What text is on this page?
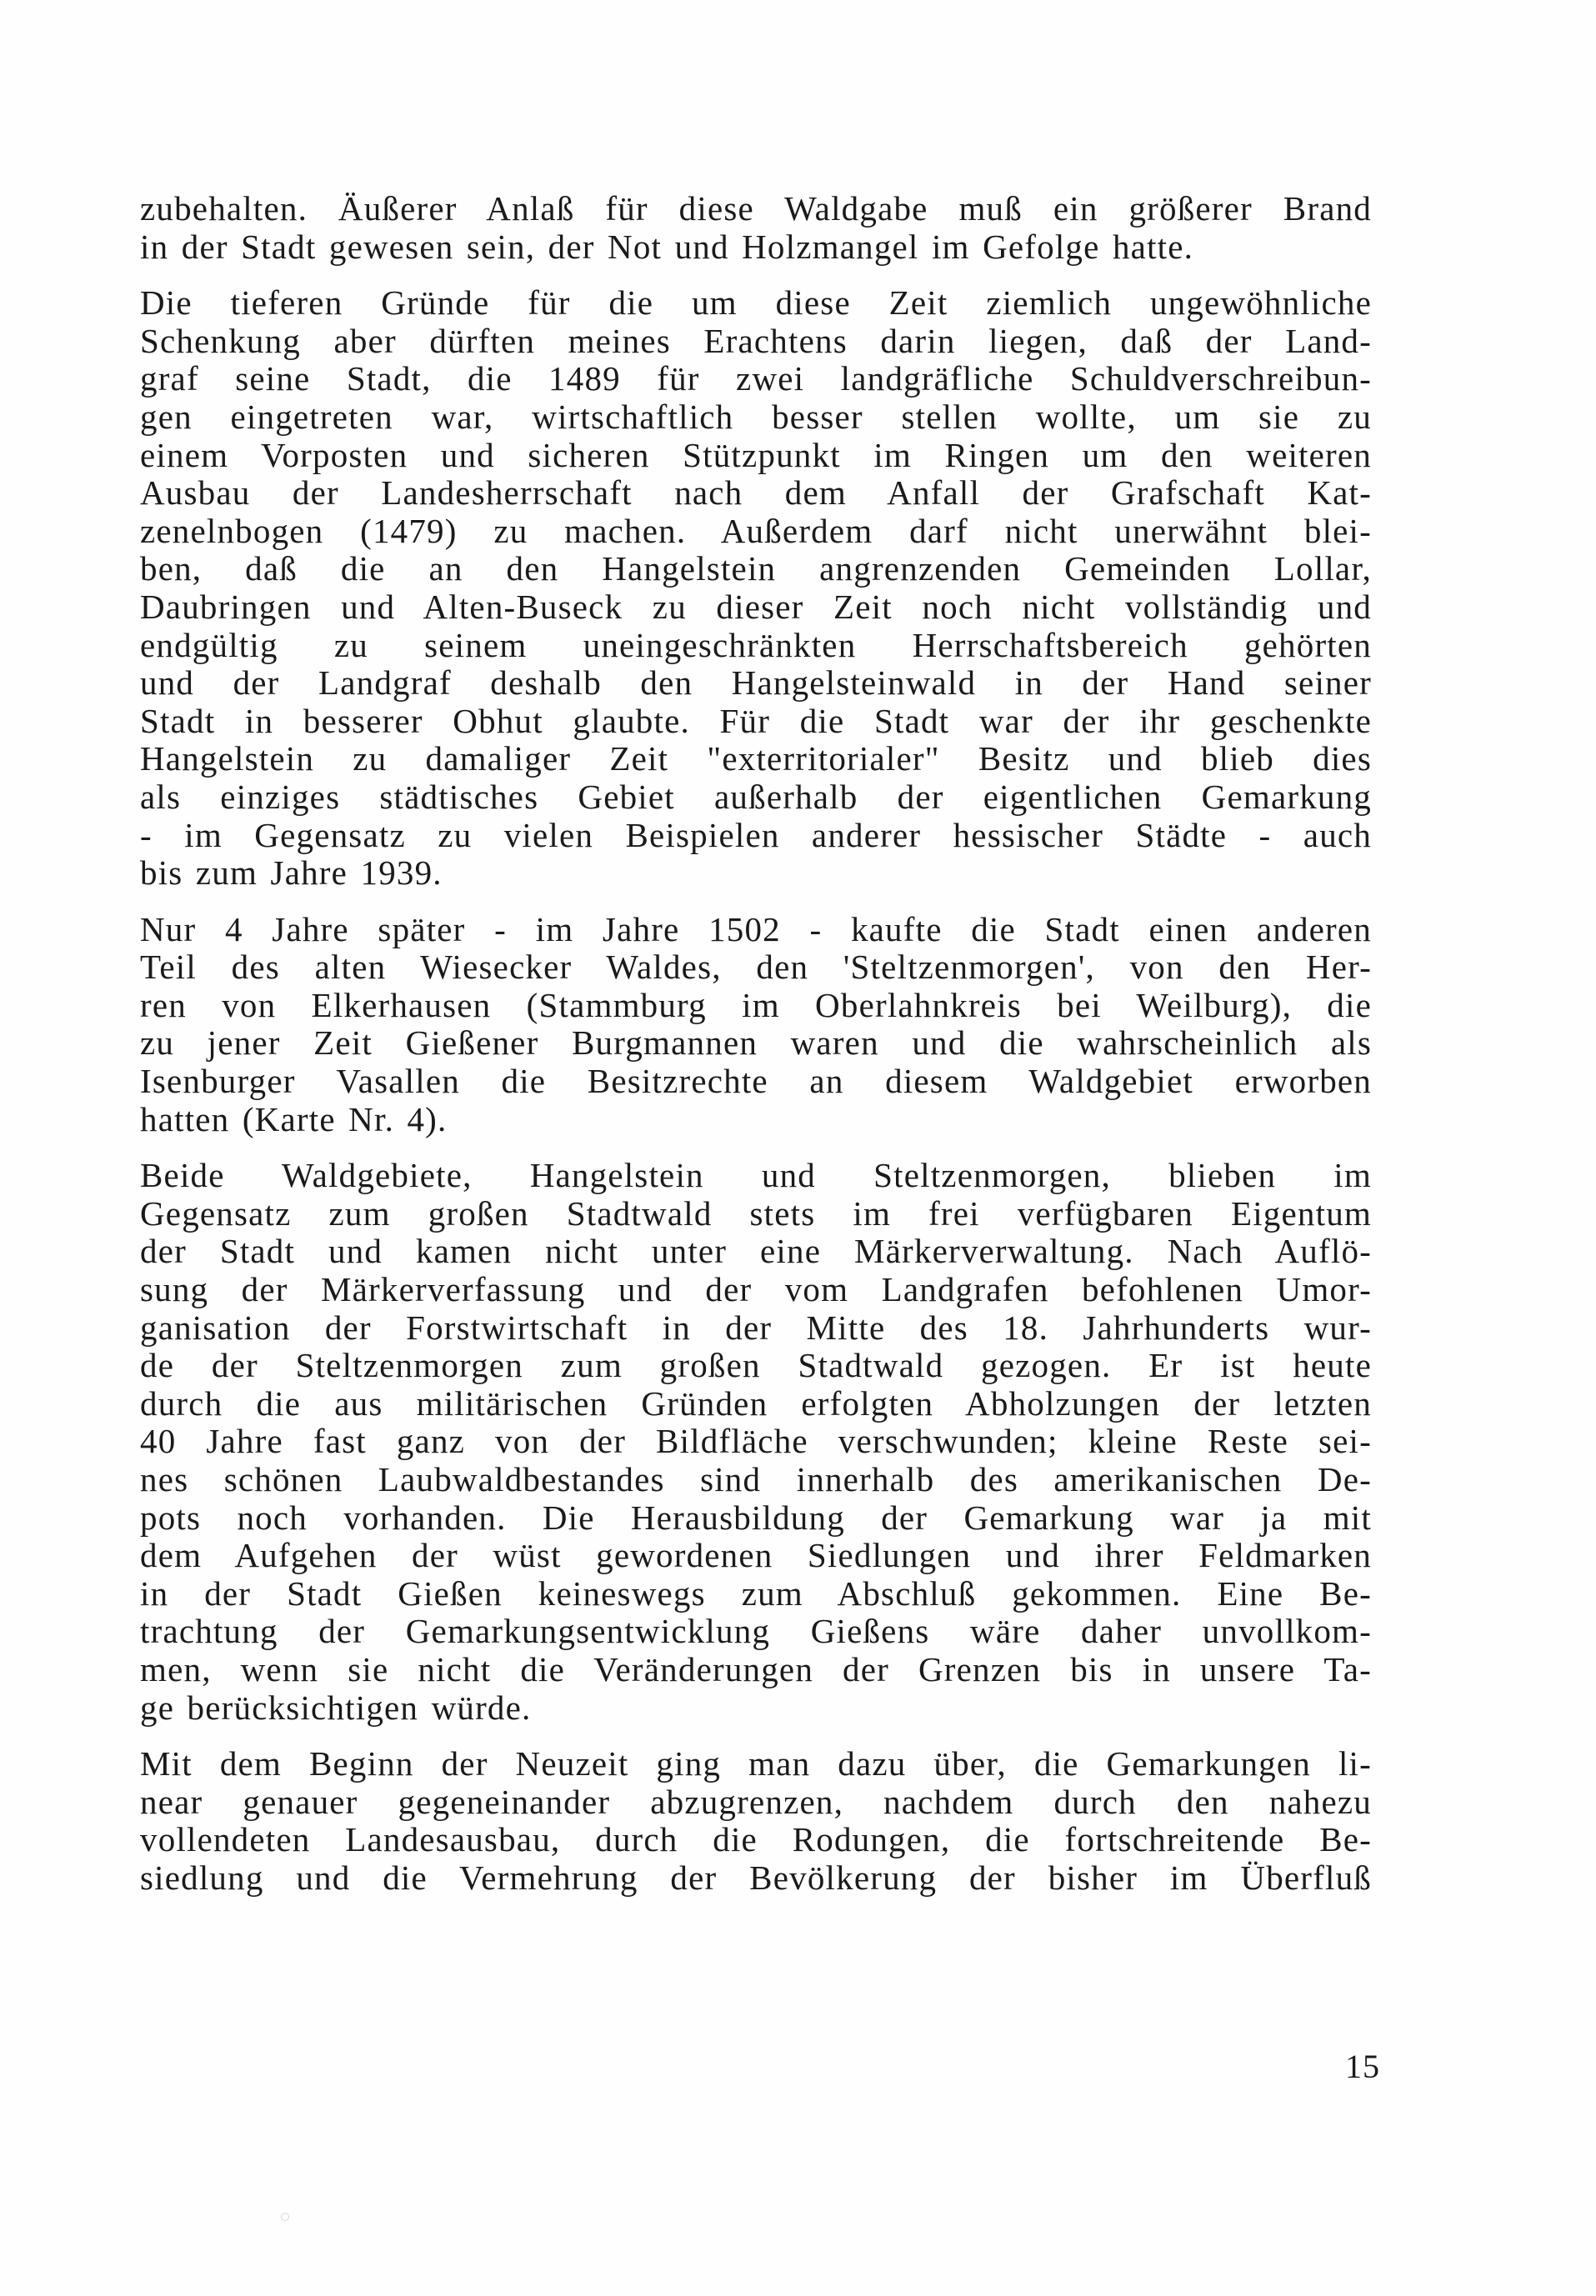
zubehalten. Äußerer Anlaß für diese Waldgabe muß ein größerer Brand
in der Stadt gewesen sein, der Not und Holzmangel im Gefolge hatte.
Die tieferen Gründe für die um diese Zeit ziemlich ungewöhnliche
Schenkung aber dürften meines Erachtens darin liegen, daß der Land-
graf seine Stadt, die 1489 für zwei landgräfliche Schuldverschreibun-
gen eingetreten war, wirtschaftlich besser stellen wollte, um sie zu
einem Vorposten und sicheren Stützpunkt im Ringen um den weiteren
Ausbau der Landesherrschaft nach dem Anfall der Grafschaft Kat-
zenelnbogen (1479) zu machen. Außerdem darf nicht unerwähnt blei-
ben, daß die an den Hangelstein angrenzenden Gemeinden Lollar,
Daubringen und Alten-Buseck zu dieser Zeit noch nicht vollständig und
endgültig zu seinem uneingeschränkten Herrschaftsbereich gehörten
und der Landgraf deshalb den Hangelsteinwald in der Hand seiner
Stadt in besserer Obhut glaubte. Für die Stadt war der ihr geschenkte
Hangelstein zu damaliger Zeit "exterritorialer" Besitz und blieb dies
als einziges städtisches Gebiet außerhalb der eigentlichen Gemarkung
- im Gegensatz zu vielen Beispielen anderer hessischer Städte - auch
bis zum Jahre 1939.
Nur 4 Jahre später - im Jahre 1502 - kaufte die Stadt einen anderen
Teil des alten Wiesecker Waldes, den 'Steltzenmorgen', von den Her-
ren von Elkerhausen (Stammburg im Oberlahnkreis bei Weilburg), die
zu jener Zeit Gießener Burgmannen waren und die wahrscheinlich als
Isenburger Vasallen die Besitzrechte an diesem Waldgebiet erworben
hatten (Karte Nr. 4).
Beide Waldgebiete, Hangelstein und Steltzenmorgen, blieben im
Gegensatz zum großen Stadtwald stets im frei verfügbaren Eigentum
der Stadt und kamen nicht unter eine Märkerverwaltung. Nach Auflö-
sung der Märkerverfassung und der vom Landgrafen befohlenen Umor-
ganisation der Forstwirtschaft in der Mitte des 18. Jahrhunderts wur-
de der Steltzenmorgen zum großen Stadtwald gezogen. Er ist heute
durch die aus militärischen Gründen erfolgten Abholzungen der letzten
40 Jahre fast ganz von der Bildfläche verschwunden; kleine Reste sei-
nes schönen Laubwaldbestandes sind innerhalb des amerikanischen De-
pots noch vorhanden. Die Herausbildung der Gemarkung war ja mit
dem Aufgehen der wüst gewordenen Siedlungen und ihrer Feldmarken
in der Stadt Gießen keineswegs zum Abschluß gekommen. Eine Be-
trachtung der Gemarkungsentwicklung Gießens wäre daher unvollkom-
men, wenn sie nicht die Veränderungen der Grenzen bis in unsere Ta-
ge berücksichtigen würde.
Mit dem Beginn der Neuzeit ging man dazu über, die Gemarkungen li-
near genauer gegeneinander abzugrenzen, nachdem durch den nahezu
vollendeten Landesausbau, durch die Rodungen, die fortschreitende Be-
siedlung und die Vermehrung der Bevölkerung der bisher im Überfluß
15
